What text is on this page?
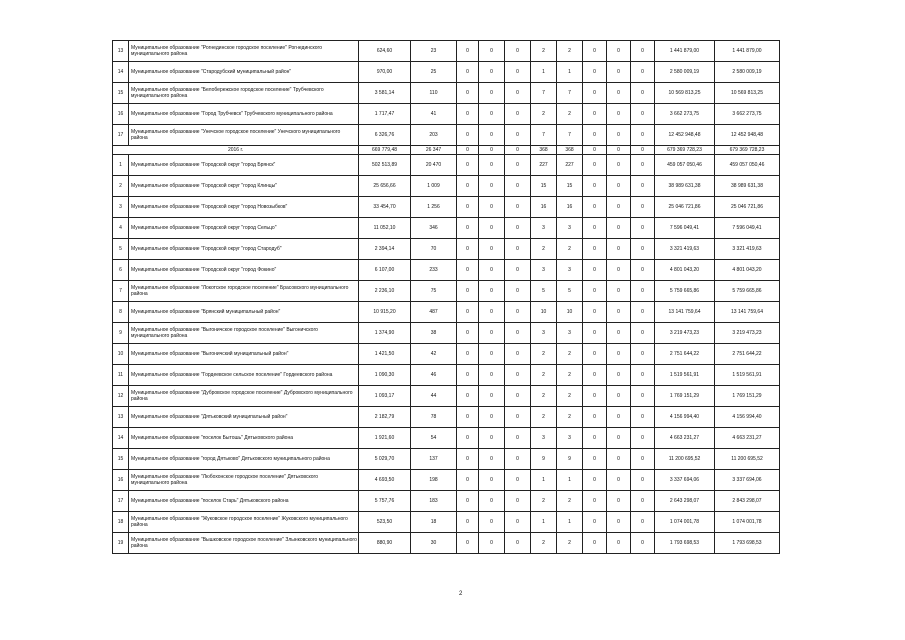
13	Муниципальное образование "Рогнединское городское поселение" Рогнединского муниципального района	624,60	23	0	0	0	2	2	0	0	0	1 441 879,00	1 441 879,00
14	Муниципальное образование "Стародубский муниципальный район"	970,00	25	0	0	0	1	1	0	0	0	2 580 009,19	2 580 009,19
15	Муниципальное образование "Белобережское городское поселение" Трубчевского муниципального района	3 581,14	110	0	0	0	7	7	0	0	0	10 569 813,25	10 569 813,25
16	Муниципальное образование "Город Трубчевск" Трубчевского муниципального района	1 717,47	41	0	0	0	2	2	0	0	0	3 662 273,75	3 662 273,75
17	Муниципальное образование "Унечское городское поселение" Унечского муниципального района	6 326,76	203	0	0	0	7	7	0	0	0	12 452 948,48	12 452 948,48
2016 г.		669 779,48	26 347	0	0	0	368	368	0	0	0	679 369 728,23	679 369 728,23
1	Муниципальное образование "Городской округ "город Брянск"	502 513,89	20 470	0	0	0	227	227	0	0	0	459 057 050,46	459 057 050,46
2	Муниципальное образование "Городской округ "город Клинцы"	25 656,66	1 009	0	0	0	15	15	0	0	0	38 989 631,38	38 989 631,38
3	Муниципальное образование "Городской округ "город Новозыбков"	33 454,70	1 256	0	0	0	16	16	0	0	0	25 046 721,86	25 046 721,86
4	Муниципальное образование "Городской округ "город Сельцо"	11 052,10	346	0	0	0	3	3	0	0	0	7 596 049,41	7 596 049,41
5	Муниципальное образование "Городской округ "город Стародуб"	2 394,14	70	0	0	0	2	2	0	0	0	3 321 419,63	3 321 419,63
6	Муниципальное образование "Городской округ "город Фокино"	6 107,00	233	0	0	0	3	3	0	0	0	4 801 043,20	4 801 043,20
7	Муниципальное образование "Локотское городское поселение" Брасовского муниципального района	2 236,10	75	0	0	0	5	5	0	0	0	5 759 665,86	5 759 665,86
8	Муниципальное образование "Брянский муниципальный район"	10 915,20	487	0	0	0	10	10	0	0	0	13 141 759,64	13 141 759,64
9	Муниципальное образование "Выгоничское городское поселение" Выгоничского муниципального района	1 374,90	38	0	0	0	3	3	0	0	0	3 219 473,23	3 219 473,23
10	Муниципальное образование "Выгоничский муниципальный район"	1 421,50	42	0	0	0	2	2	0	0	0	2 751 644,22	2 751 644,22
11	Муниципальное образование "Гордеевское сельское поселение" Гордеевского района	1 090,30	46	0	0	0	2	2	0	0	0	1 519 561,91	1 519 561,91
12	Муниципальное образование "Дубровское городское поселение" Дубровского муниципального района	1 093,17	44	0	0	0	2	2	0	0	0	1 769 151,29	1 769 151,29
13	Муниципальное образование "Дятьковский муниципальный район"	2 182,79	78	0	0	0	2	2	0	0	0	4 156 994,40	4 156 994,40
14	Муниципальное образование "поселок Бытошь" Дятьковского района	1 921,60	54	0	0	0	3	3	0	0	0	4 663 231,27	4 663 231,27
15	Муниципальное образование "город Дятьково" Дятьковского муниципального района	5 029,70	137	0	0	0	9	9	0	0	0	11 200 695,52	11 200 695,52
16	Муниципальное образование "Любохонское городское поселение" Дятьковского муниципального района	4 693,50	198	0	0	0	1	1	0	0	0	3 337 694,06	3 337 694,06
17	Муниципальное образование "поселок Старь" Дятьковского района	5 757,76	183	0	0	0	2	2	0	0	0	2 643 298,07	2 843 298,07
18	Муниципальное образование "Жуковское городское поселение" Жуковского муниципального района	523,50	18	0	0	0	1	1	0	0	0	1 074 001,78	1 074 001,78
19	Муниципальное образование "Вышковское городское поселение" Злынковского муниципального района	880,90	30	0	0	0	2	2	0	0	0	1 793 698,53	1 793 698,53
2
